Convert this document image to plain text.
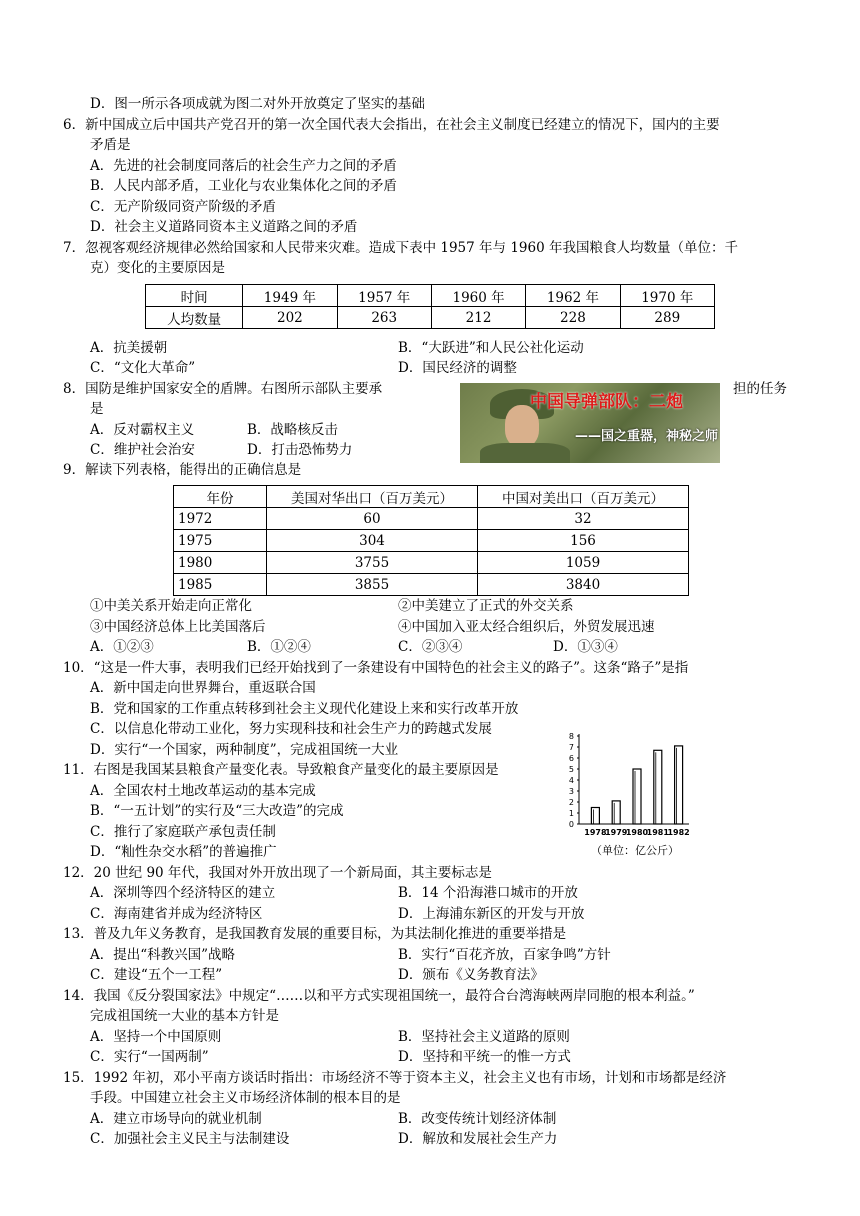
D．图一所示各项成就为图二对外开放奠定了坚实的基础
6．新中国成立后中国共产党召开的第一次全国代表大会指出，在社会主义制度已经建立的情况下，国内的主要
矛盾是
A．先进的社会制度同落后的社会生产力之间的矛盾
B．人民内部矛盾，工业化与农业集体化之间的矛盾
C．无产阶级同资产阶级的矛盾
D．社会主义道路同资本主义道路之间的矛盾
7．忽视客观经济规律必然给国家和人民带来灾难。造成下表中 1957 年与 1960 年我国粮食人均数量（单位：千
克）变化的主要原因是
时间	1949 年	1957 年	1960 年	1962 年	1970 年
人均数量	202	263	212	228	289
A．抗美援朝	B．“大跃进”和人民公社化运动
C．“文化大革命”	D．国民经济的调整
8．国防是维护国家安全的盾牌。右图所示部队主要承	担的任务
是
A．反对霸权主义	B．战略核反击
C．维护社会治安	D．打击恐怖势力
中国导弹部队：二炮
——国之重器，神秘之师
9．解读下列表格，能得出的正确信息是
年份	美国对华出口（百万美元）	中国对美出口（百万美元）
1972	60	32
1975	304	156
1980	3755	1059
1985	3855	3840
①中美关系开始走向正常化	②中美建立了正式的外交关系
③中国经济总体上比美国落后	④中国加入亚太经合组织后，外贸发展迅速
A．①②③	B．①②④	C．②③④	D．①③④
10．“这是一件大事，表明我们已经开始找到了一条建设有中国特色的社会主义的路子”。这条“路子”是指
A．新中国走向世界舞台，重返联合国
B．党和国家的工作重点转移到社会主义现代化建设上来和实行改革开放
C．以信息化带动工业化，努力实现科技和社会生产力的跨越式发展
D．实行“一个国家，两种制度”，完成祖国统一大业
11．右图是我国某县粮食产量变化表。导致粮食产量变化的最主要原因是
A．全国农村土地改革运动的基本完成
B．“一五计划”的实行及“三大改造”的完成
C．推行了家庭联产承包责任制
D．“籼性杂交水稻”的普遍推广
0
1
2
3
4
5
6
7
8
1978
1979
1980
1981
1982
（单位：亿公斤）
12．20 世纪 90 年代，我国对外开放出现了一个新局面，其主要标志是
A．深圳等四个经济特区的建立	B．14 个沿海港口城市的开放
C．海南建省并成为经济特区	D．上海浦东新区的开发与开放
13．普及九年义务教育，是我国教育发展的重要目标，为其法制化推进的重要举措是
A．提出“科教兴国”战略	B．实行“百花齐放，百家争鸣”方针
C．建设“五个一工程”	D．颁布《义务教育法》
14．我国《反分裂国家法》中规定“……以和平方式实现祖国统一，最符合台湾海峡两岸同胞的根本利益。”
完成祖国统一大业的基本方针是
A．坚持一个中国原则	B．坚持社会主义道路的原则
C．实行“一国两制”	D．坚持和平统一的惟一方式
15．1992 年初，邓小平南方谈话时指出：市场经济不等于资本主义，社会主义也有市场，计划和市场都是经济
手段。中国建立社会主义市场经济体制的根本目的是
A．建立市场导向的就业机制	B．改变传统计划经济体制
C．加强社会主义民主与法制建设	D．解放和发展社会生产力
